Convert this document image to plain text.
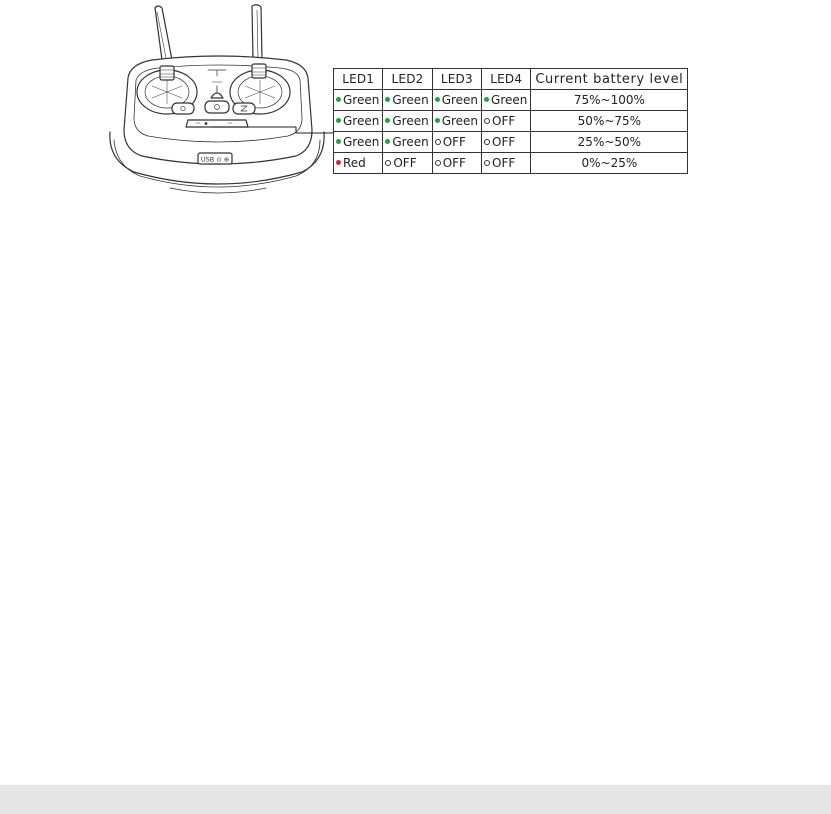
USB ⊙ ⊕
LED1	LED2	LED3	LED4	Current battery level
Green	Green	Green	Green	75%~100%
Green	Green	Green	OFF	50%~75%
Green	Green	OFF	OFF	25%~50%
Red	OFF	OFF	OFF	0%~25%
